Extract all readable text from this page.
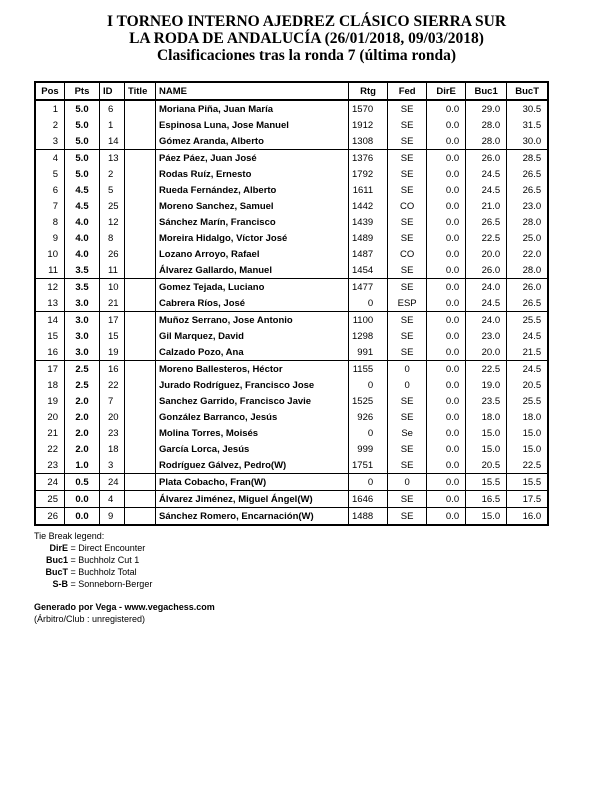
I TORNEO INTERNO AJEDREZ CLÁSICO SIERRA SUR
LA RODA DE ANDALUCÍA (26/01/2018, 09/03/2018)
Clasificaciones tras la ronda 7 (última ronda)
Pos	Pts	ID	Title	NAME	Rtg	Fed	DirE	Buc1	BucT
1	5.0	6		Moriana Piña, Juan María	1570	SE	0.0	29.0	30.5
2	5.0	1		Espinosa Luna, Jose Manuel	1912	SE	0.0	28.0	31.5
3	5.0	14		Gómez Aranda, Alberto	1308	SE	0.0	28.0	30.0
4	5.0	13		Páez Páez, Juan José	1376	SE	0.0	26.0	28.5
5	5.0	2		Rodas Ruíz, Ernesto	1792	SE	0.0	24.5	26.5
6	4.5	5		Rueda Fernández, Alberto	1611	SE	0.0	24.5	26.5
7	4.5	25		Moreno Sanchez, Samuel	1442	CO	0.0	21.0	23.0
8	4.0	12		Sánchez Marín, Francisco	1439	SE	0.0	26.5	28.0
9	4.0	8		Moreira Hidalgo, Víctor José	1489	SE	0.0	22.5	25.0
10	4.0	26		Lozano Arroyo, Rafael	1487	CO	0.0	20.0	22.0
11	3.5	11		Álvarez Gallardo, Manuel	1454	SE	0.0	26.0	28.0
12	3.5	10		Gomez Tejada, Luciano	1477	SE	0.0	24.0	26.0
13	3.0	21		Cabrera Ríos, José	0	ESP	0.0	24.5	26.5
14	3.0	17		Muñoz Serrano, Jose Antonio	1100	SE	0.0	24.0	25.5
15	3.0	15		Gil Marquez, David	1298	SE	0.0	23.0	24.5
16	3.0	19		Calzado Pozo, Ana	991	SE	0.0	20.0	21.5
17	2.5	16		Moreno Ballesteros, Héctor	1155	0	0.0	22.5	24.5
18	2.5	22		Jurado Rodríguez, Francisco Jose	0	0	0.0	19.0	20.5
19	2.0	7		Sanchez Garrido, Francisco Javie	1525	SE	0.0	23.5	25.5
20	2.0	20		González Barranco, Jesús	926	SE	0.0	18.0	18.0
21	2.0	23		Molina Torres, Moisés	0	Se	0.0	15.0	15.0
22	2.0	18		García Lorca, Jesús	999	SE	0.0	15.0	15.0
23	1.0	3		Rodríguez Gálvez, Pedro(W)	1751	SE	0.0	20.5	22.5
24	0.5	24		Plata Cobacho, Fran(W)	0	0	0.0	15.5	15.5
25	0.0	4		Álvarez Jiménez, Miguel Ángel(W)	1646	SE	0.0	16.5	17.5
26	0.0	9		Sánchez Romero, Encarnación(W)	1488	SE	0.0	15.0	16.0
Tie Break legend:
DirE = Direct Encounter
Buc1 = Buchholz Cut 1
BucT = Buchholz Total
S-B = Sonneborn-Berger
Generado por Vega - www.vegachess.com
(Árbitro/Club : unregistered)
